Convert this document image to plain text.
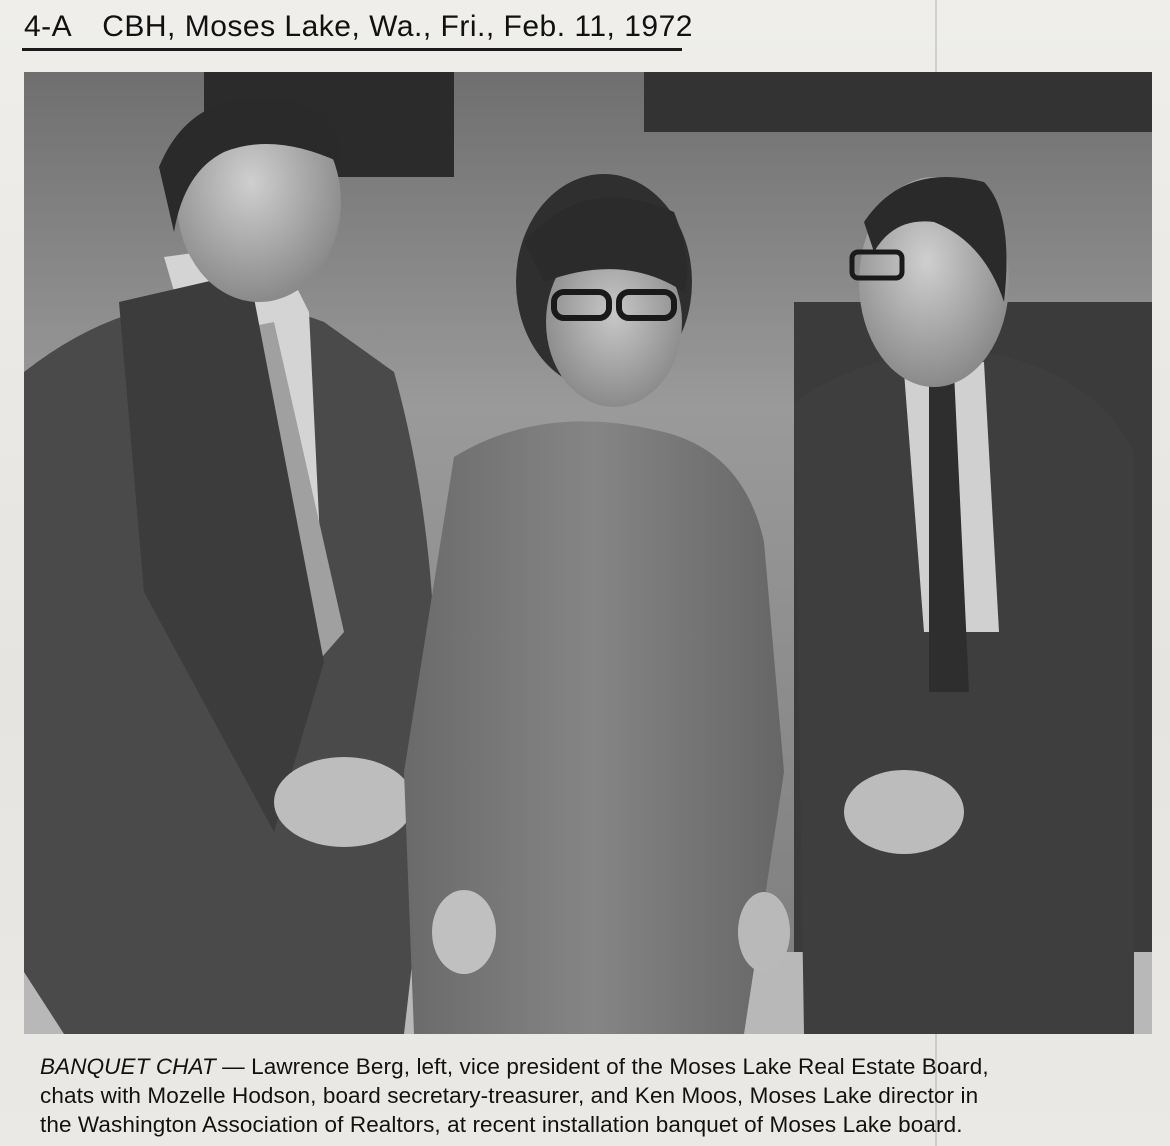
4-A CBH, Moses Lake, Wa., Fri., Feb. 11, 1972
BANQUET CHAT — Lawrence Berg, left, vice president of the Moses Lake Real Estate Board,
chats with Mozelle Hodson, board secretary-treasurer, and Ken Moos, Moses Lake director in
the Washington Association of Realtors, at recent installation banquet of Moses Lake board.
